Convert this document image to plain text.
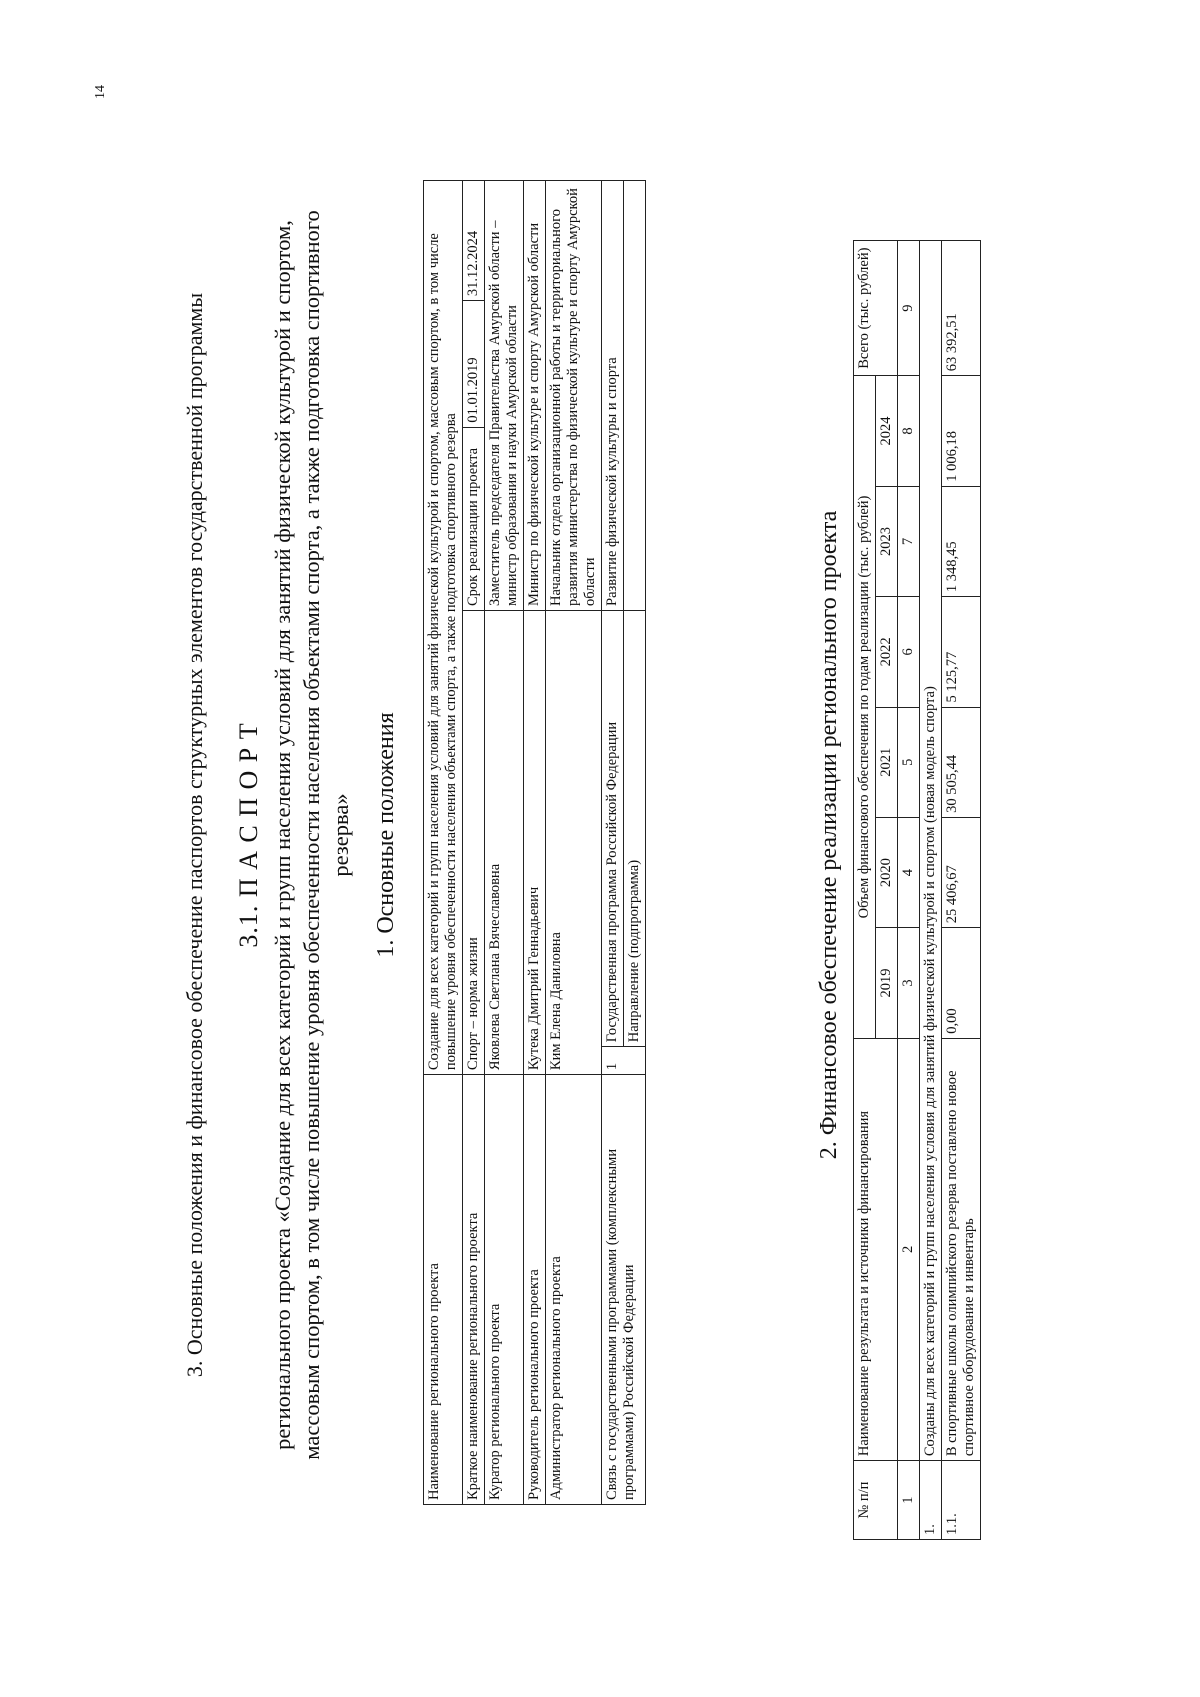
14
3. Основные положения и финансовое обеспечение паспортов структурных элементов государственной программы 3.1. П А С П О Р Т регионального проекта «Создание для всех категорий и групп населения условий для занятий физической культурой и спортом, массовым спортом, в том числе повышение уровня обеспеченности населения объектами спорта, а также подготовка спортивного резерва» 1. Основные положения
Наименование регионального проекта	Создание для всех категорий и групп населения условий для занятий физической культурой и спортом, массовым спортом, в том числе повышение уровня обеспеченности населения объектами спорта, а также подготовка спортивного резерва				
Краткое наименование регионального проекта	Спорт – норма жизни		Срок реализации проекта	01.01.2019	31.12.2024
Куратор регионального проекта	Яковлева Светлана Вячеславовна		Заместитель председателя Правительства Амурской области – министр образования и науки Амурской области		
Руководитель регионального проекта	Кутека Дмитрий Геннадьевич		Министр по физической культуре и спорту Амурской области		
Администратор регионального проекта	Ким Елена Даниловна		Начальник отдела организационной работы и территориального развития министерства по физической культуре и спорту Амурской области		
Связь с государственными программами (комплексными программами) Российской Федерации	1	Государственная программа Российской Федерации	Развитие физической культуры и спорта		
		Направление (подпрограмма)				2. Финансовое обеспечение реализации регионального проекта
№ п/п	Наименование результата и источники финансирования	Объем финансового обеспечения по годам реализации (тыс. рублей)						Всего (тыс. рублей)
		2019	2020	2021	2022	2023	2024	
1	2	3	4	5	6	7	8	9
1.	Созданы для всех категорий и групп населения условия для занятий физической культурой и спортом (новая модель спорта)							
1.1.	В спортивные школы олимпийского резерва поставлено новое спортивное оборудование и инвентарь	0,00	25 406,67	30 505,44	5 125,77	1 348,45	1 006,18	63 392,51
